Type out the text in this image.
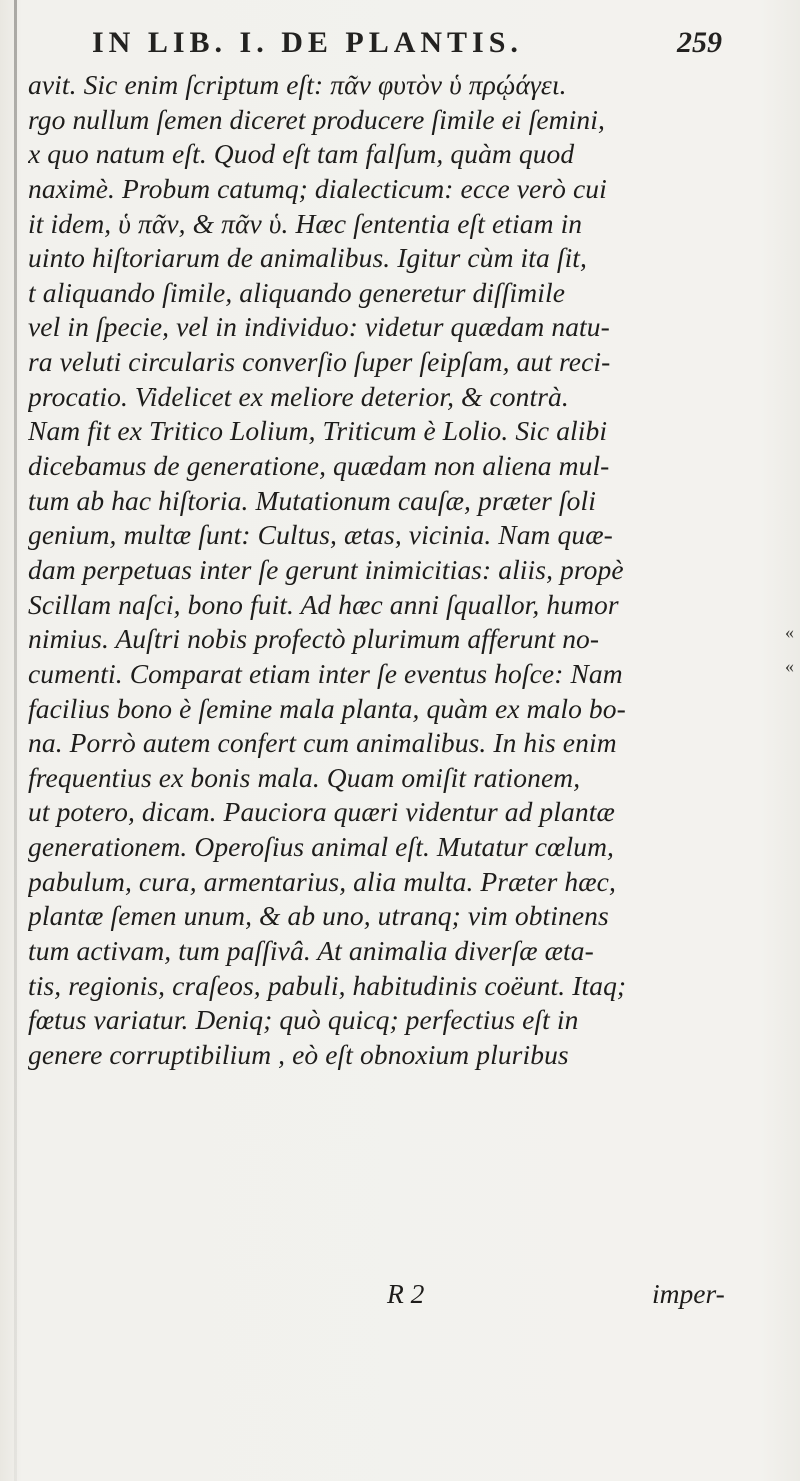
IN LIB. I. DE PLANTIS.	259
avit. Sic enim ſcriptum eſt: πᾶν φυτὸν ὑ πρῴάγει.
rgo nullum ſemen diceret producere ſimile ei ſemini,
x quo natum eſt. Quod eſt tam falſum, quàm quod
naximè. Probum catumq; dialecticum: ecce verò cui
it idem, ὑ πᾶν, & πᾶν ὑ. Hæc ſententia eſt etiam in
uinto hiſtoriarum de animalibus. Igitur cùm ita ſit,
t aliquando ſimile, aliquando generetur diſſimile
vel in ſpecie, vel in individuo: videtur quædam natu-
ra veluti circularis converſio ſuper ſeipſam, aut reci-
procatio. Videlicet ex meliore deterior, & contrà.
Nam fit ex Tritico Lolium, Triticum è Lolio. Sic alibi
dicebamus de generatione, quædam non aliena mul-
tum ab hac hiſtoria. Mutationum cauſæ, præter ſoli
genium, multæ ſunt: Cultus, ætas, vicinia. Nam quæ-
dam perpetuas inter ſe gerunt inimicitias: aliis, propè
Scillam naſci, bono fuit. Ad hæc anni ſquallor, humor
nimius. Auſtri nobis profectò plurimum afferunt no-
cumenti. Comparat etiam inter ſe eventus hoſce: Nam
facilius bono è ſemine mala planta, quàm ex malo bo-
na. Porrò autem confert cum animalibus. In his enim
frequentius ex bonis mala. Quam omiſit rationem,
ut potero, dicam. Pauciora quæri videntur ad plantæ
generationem. Operoſius animal eſt. Mutatur cœlum,
pabulum, cura, armentarius, alia multa. Præter hæc,
plantæ ſemen unum, & ab uno, utranq; vim obtinens
tum activam, tum paſſivâ. At animalia diverſæ æta-
tis, regionis, craſeos, pabuli, habitudinis coëunt. Itaq;
fœtus variatur. Deniq; quò quicq; perfectius eſt in
genere corruptibilium , eò eſt obnoxium pluribus
«
«
R 2	imper-
